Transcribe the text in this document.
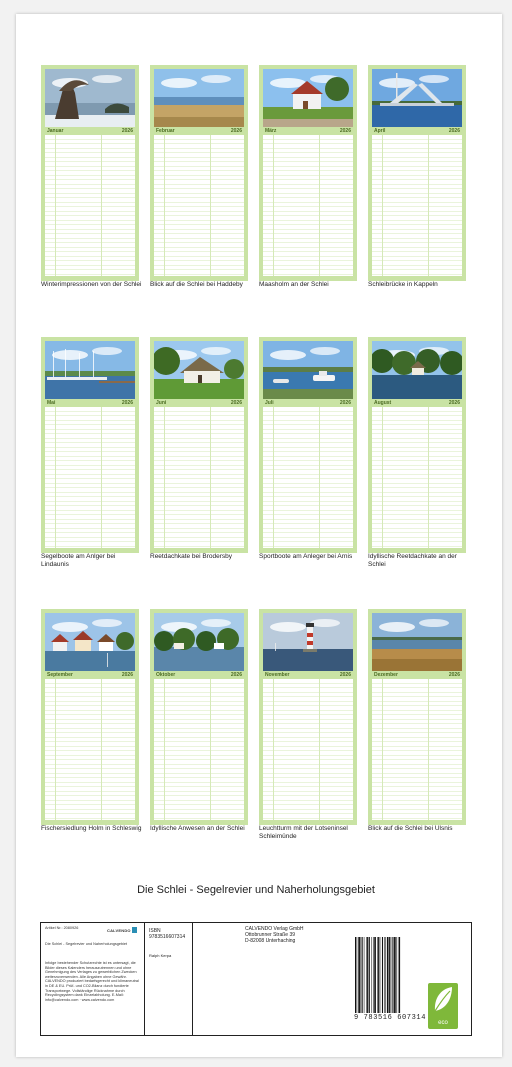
Januar	2026
Winterimpressionen von der Schlei
Februar	2026
Blick auf die Schlei bei Haddeby
März	2026
Maasholm an der Schlei
April	2026
Schleibrücke in Kappeln
Mai	2026
Segelboote am Anlger bei Lindaunis
Juni	2026
Reetdachkate bei Brodersby
Juli	2026
Sportboote am Anleger bei Arnis
August	2026
Idyllische Reetdachkate an der Schlei
September	2026
Fischersiedlung Holm in Schleswig
Oktober	2026
Idyllische Anwesen an der Schlei
November	2026
Leuchtturm mit der Lotseninsel Schleimünde
Dezember	2026
Blick auf die Schlei bei Ulsnis
Die Schlei - Segelrevier und Naherholungsgebiet
Artikel Nr.: 2080926	CALVENDO
Die Schlei - Segelrevier und Naherholungsgebiet
Infolge bestehender Schutzrechte ist es untersagt, die Bilder dieses Kalenders herauszutrennen und ohne Genehmigung des Verlages zu gewerblichen Zwecken weiterzuverwenden. Alle Angaben ohne Gewähr. CALVENDO produziert bedarfsgerecht und klimaneutral in DE & EU. Prüf- und CO2-Bilanz durch fundierte Transportwege. Vollständige Rücknahme durch Recyclingsystem dank Einzelabholung. E-Mail: info@calvendo.com · www.calvendo.com
ISBN 9783516607314
Ralph Kerpa
CALVENDO Verlag GmbH
Ottobrunner Straße 39
D-82008 Unterhaching
9 783516 607314
eco
